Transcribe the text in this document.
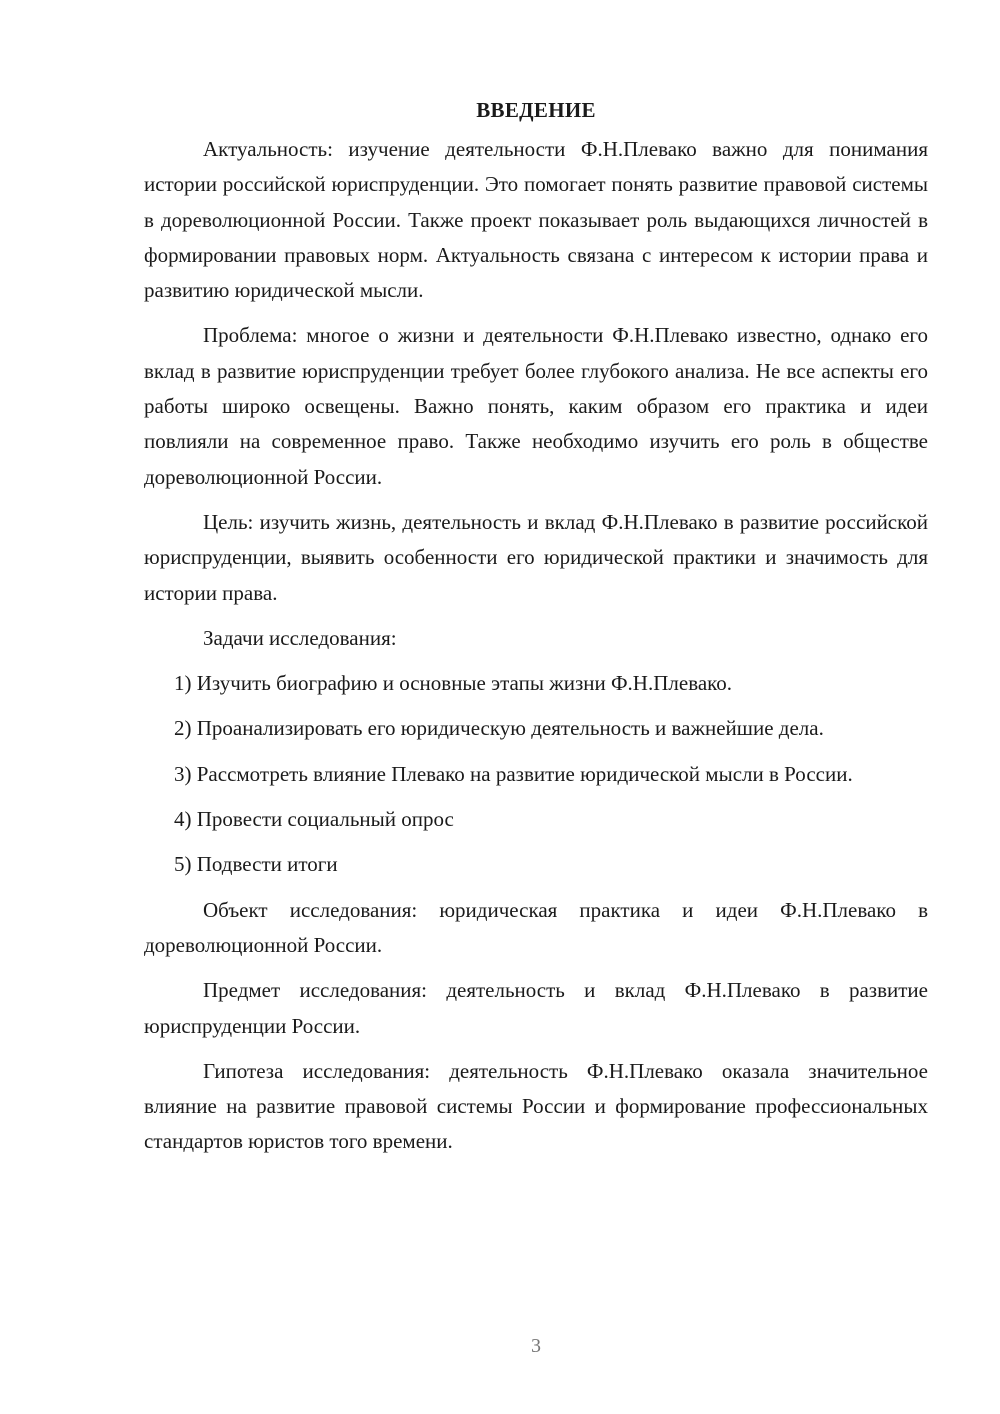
ВВЕДЕНИЕ

Актуальность: изучение деятельности Ф.Н.Плевако важно для понимания истории российской юриспруденции. Это помогает понять развитие правовой системы в дореволюционной России. Также проект показывает роль выдающихся личностей в формировании правовых норм. Актуальность связана с интересом к истории права и развитию юридической мысли.

Проблема: многое о жизни и деятельности Ф.Н.Плевако известно, однако его вклад в развитие юриспруденции требует более глубокого анализа. Не все аспекты его работы широко освещены. Важно понять, каким образом его практика и идеи повлияли на современное право. Также необходимо изучить его роль в обществе дореволюционной России.

Цель: изучить жизнь, деятельность и вклад Ф.Н.Плевако в развитие российской юриспруденции, выявить особенности его юридической практики и значимость для истории права.

Задачи исследования:

1) Изучить биографию и основные этапы жизни Ф.Н.Плевако.

2) Проанализировать его юридическую деятельность и важнейшие дела.

3) Рассмотреть влияние Плевако на развитие юридической мысли в России.

4) Провести социальный опрос

5) Подвести итоги

Объект исследования: юридическая практика и идеи Ф.Н.Плевако в дореволюционной России.

Предмет исследования: деятельность и вклад Ф.Н.Плевако в развитие юриспруденции России.

Гипотеза исследования: деятельность Ф.Н.Плевако оказала значительное влияние на развитие правовой системы России и формирование профессиональных стандартов юристов того времени.

3
